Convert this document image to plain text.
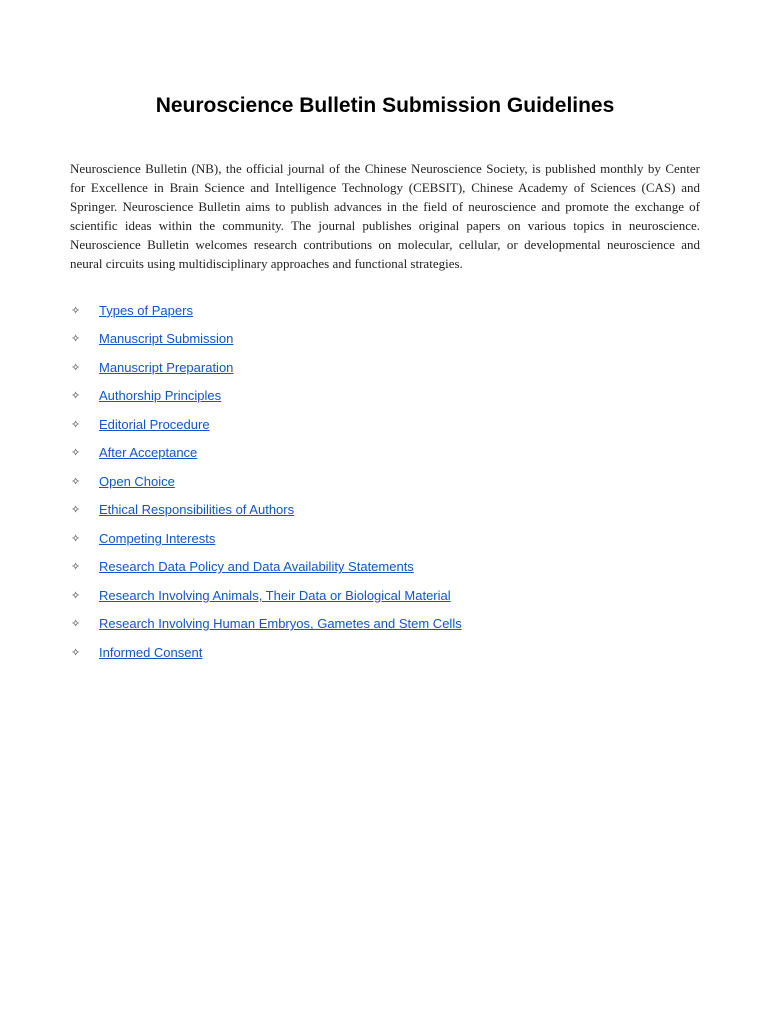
Neuroscience Bulletin Submission Guidelines

Neuroscience Bulletin (NB), the official journal of the Chinese Neuroscience Society, is published monthly by Center for Excellence in Brain Science and Intelligence Technology (CEBSIT), Chinese Academy of Sciences (CAS) and Springer. Neuroscience Bulletin aims to publish advances in the field of neuroscience and promote the exchange of scientific ideas within the community. The journal publishes original papers on various topics in neuroscience. Neuroscience Bulletin welcomes research contributions on molecular, cellular, or developmental neuroscience and neural circuits using multidisciplinary approaches and functional strategies.

✧	Types of Papers
✧	Manuscript Submission
✧	Manuscript Preparation
✧	Authorship Principles
✧	Editorial Procedure
✧	After Acceptance
✧	Open Choice
✧	Ethical Responsibilities of Authors
✧	Competing Interests
✧	Research Data Policy and Data Availability Statements
✧	Research Involving Animals, Their Data or Biological Material
✧	Research Involving Human Embryos, Gametes and Stem Cells
✧	Informed Consent
